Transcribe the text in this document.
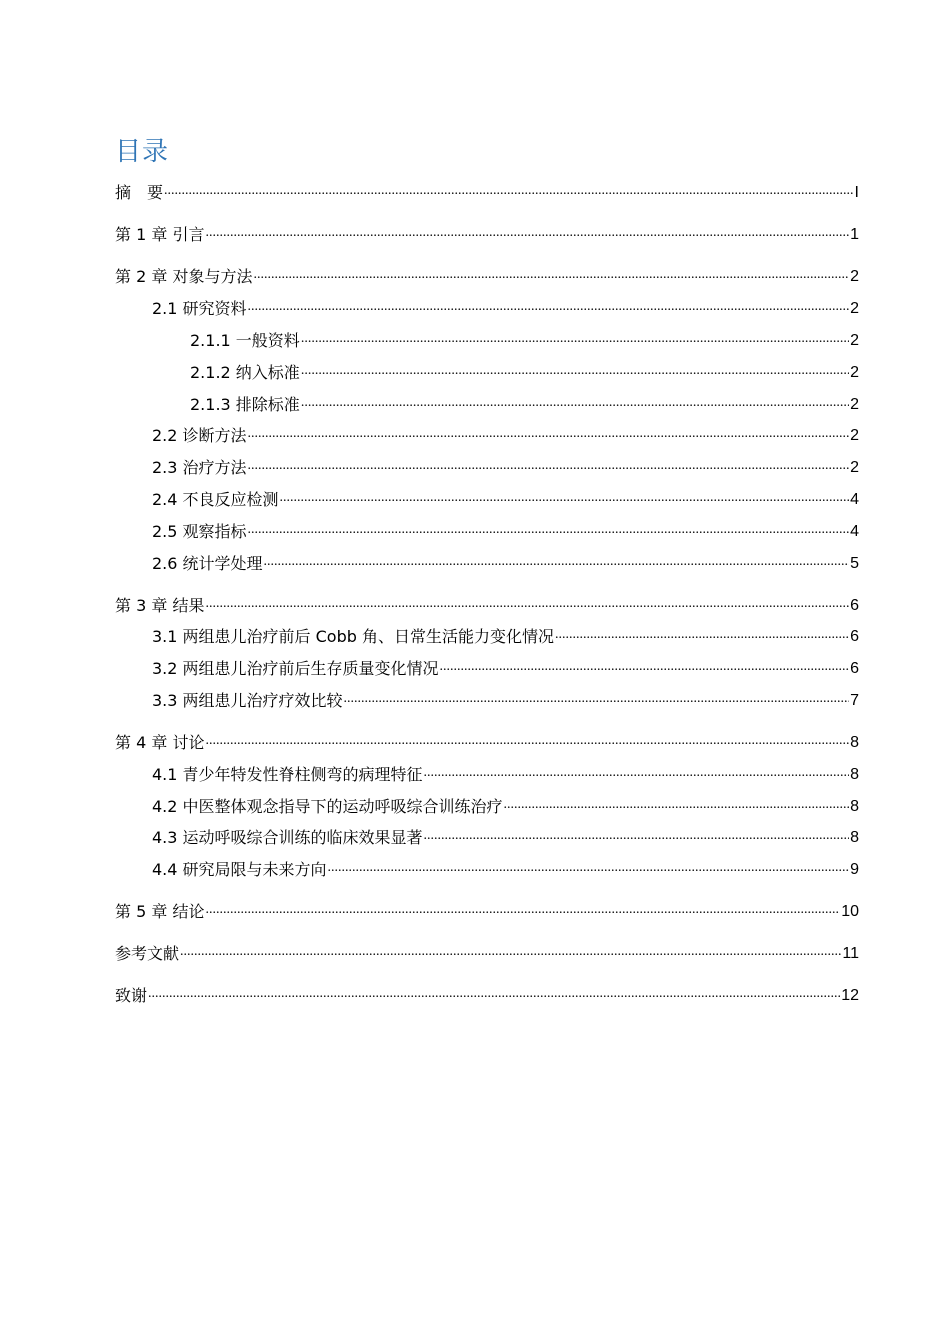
目录
摘　要 .....	I
第 1 章 引言 .....	1
第 2 章 对象与方法 .....	2
2.1 研究资料 .....	2
2.1.1 一般资料 .....	2
2.1.2 纳入标准 .....	2
2.1.3 排除标准 .....	2
2.2 诊断方法 .....	2
2.3 治疗方法 .....	2
2.4 不良反应检测 .....	4
2.5 观察指标 .....	4
2.6 统计学处理 .....	5
第 3 章 结果 .....	6
3.1 两组患儿治疗前后 Cobb 角、日常生活能力变化情况 .....	6
3.2 两组患儿治疗前后生存质量变化情况 .....	6
3.3 两组患儿治疗疗效比较 .....	7
第 4 章 讨论 .....	8
4.1 青少年特发性脊柱侧弯的病理特征 .....	8
4.2 中医整体观念指导下的运动呼吸综合训练治疗 .....	8
4.3 运动呼吸综合训练的临床效果显著 .....	8
4.4 研究局限与未来方向 .....	9
第 5 章 结论 .....	10
参考文献 .....	11
致谢 .....	12
